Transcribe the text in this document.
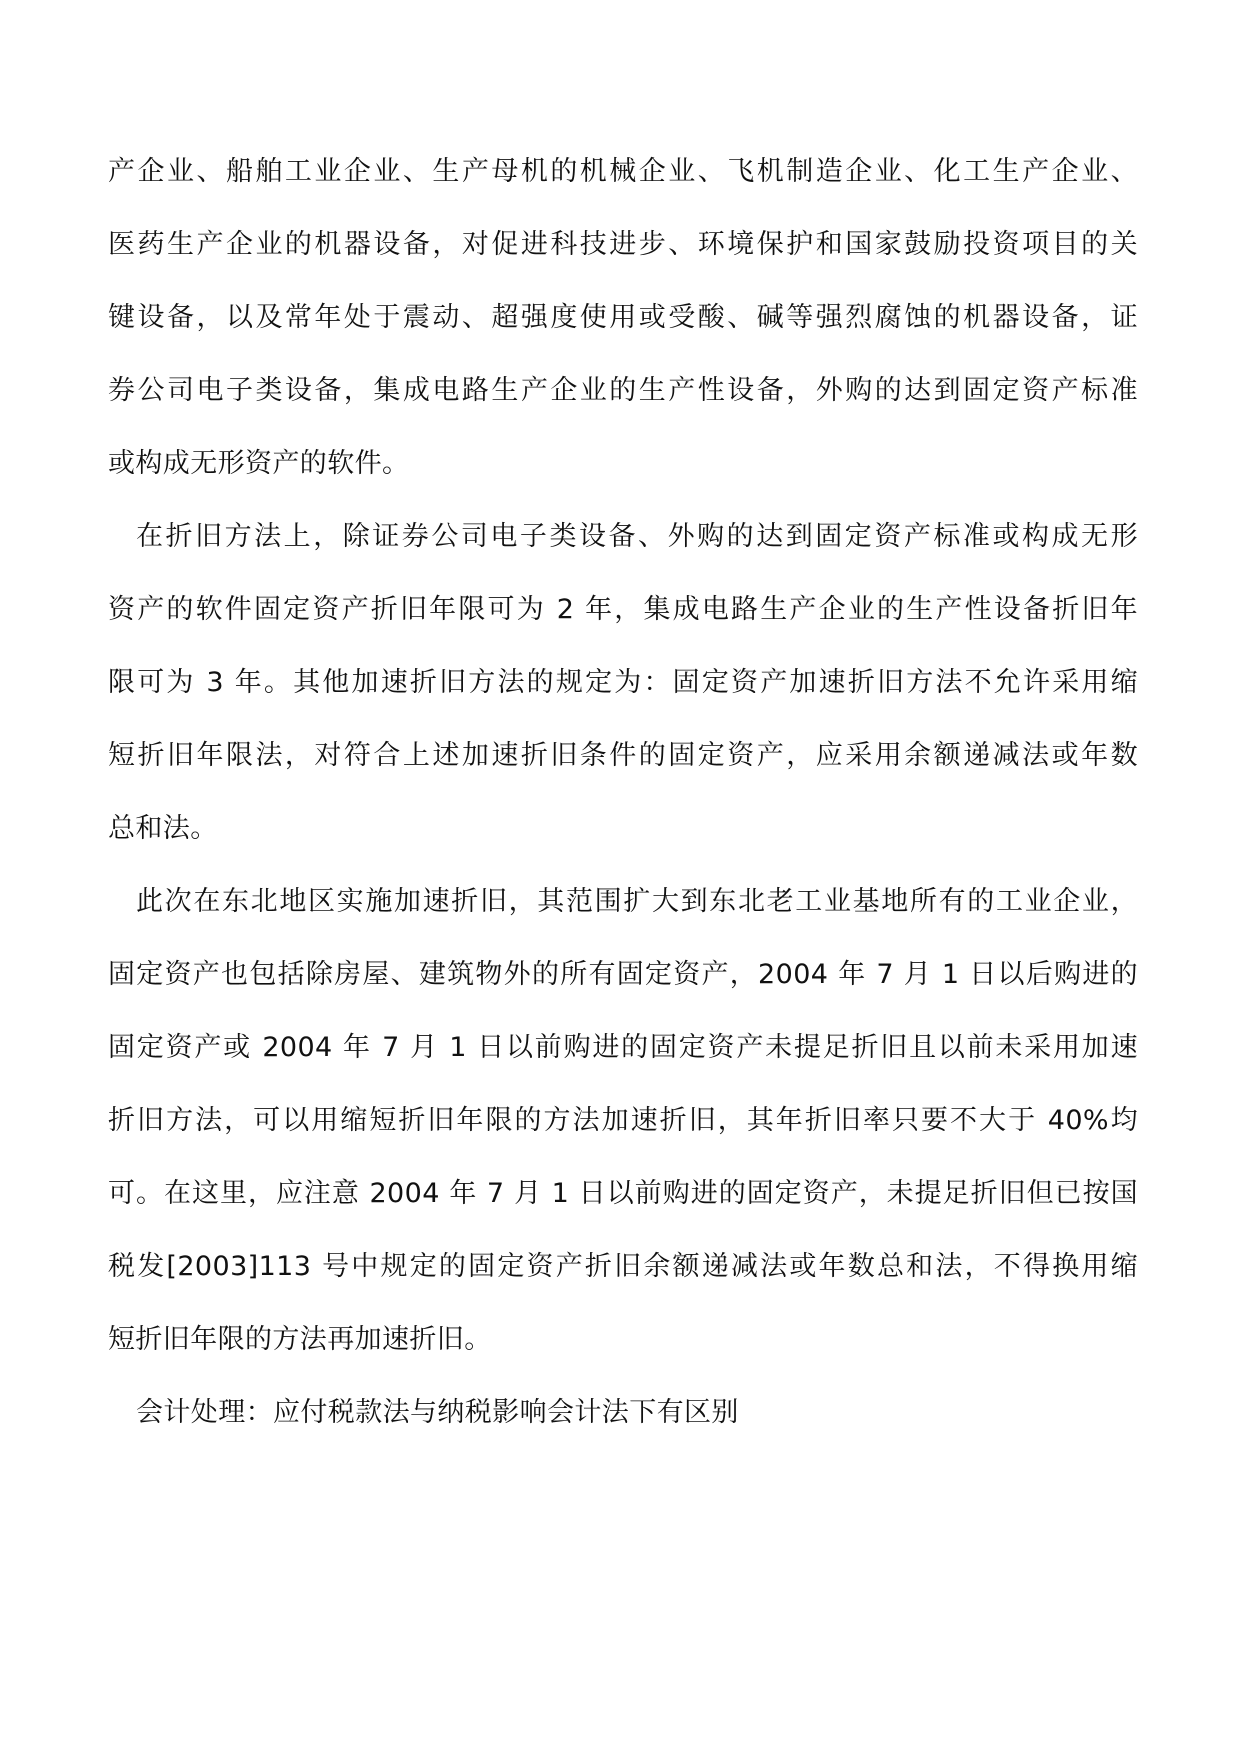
产企业、船舶工业企业、生产母机的机械企业、飞机制造企业、化工生产企业、
医药生产企业的机器设备，对促进科技进步、环境保护和国家鼓励投资项目的关
键设备，以及常年处于震动、超强度使用或受酸、碱等强烈腐蚀的机器设备，证
券公司电子类设备，集成电路生产企业的生产性设备，外购的达到固定资产标准
或构成无形资产的软件。
在折旧方法上，除证券公司电子类设备、外购的达到固定资产标准或构成无形
资产的软件固定资产折旧年限可为 2 年，集成电路生产企业的生产性设备折旧年
限可为 3 年。其他加速折旧方法的规定为：固定资产加速折旧方法不允许采用缩
短折旧年限法，对符合上述加速折旧条件的固定资产，应采用余额递减法或年数
总和法。
此次在东北地区实施加速折旧，其范围扩大到东北老工业基地所有的工业企业，
固定资产也包括除房屋、建筑物外的所有固定资产，2004 年 7 月 1 日以后购进的
固定资产或 2004 年 7 月 1 日以前购进的固定资产未提足折旧且以前未采用加速
折旧方法，可以用缩短折旧年限的方法加速折旧，其年折旧率只要不大于 40%均
可。在这里，应注意 2004 年 7 月 1 日以前购进的固定资产，未提足折旧但已按国
税发[2003]113 号中规定的固定资产折旧余额递减法或年数总和法，不得换用缩
短折旧年限的方法再加速折旧。
会计处理：应付税款法与纳税影响会计法下有区别
